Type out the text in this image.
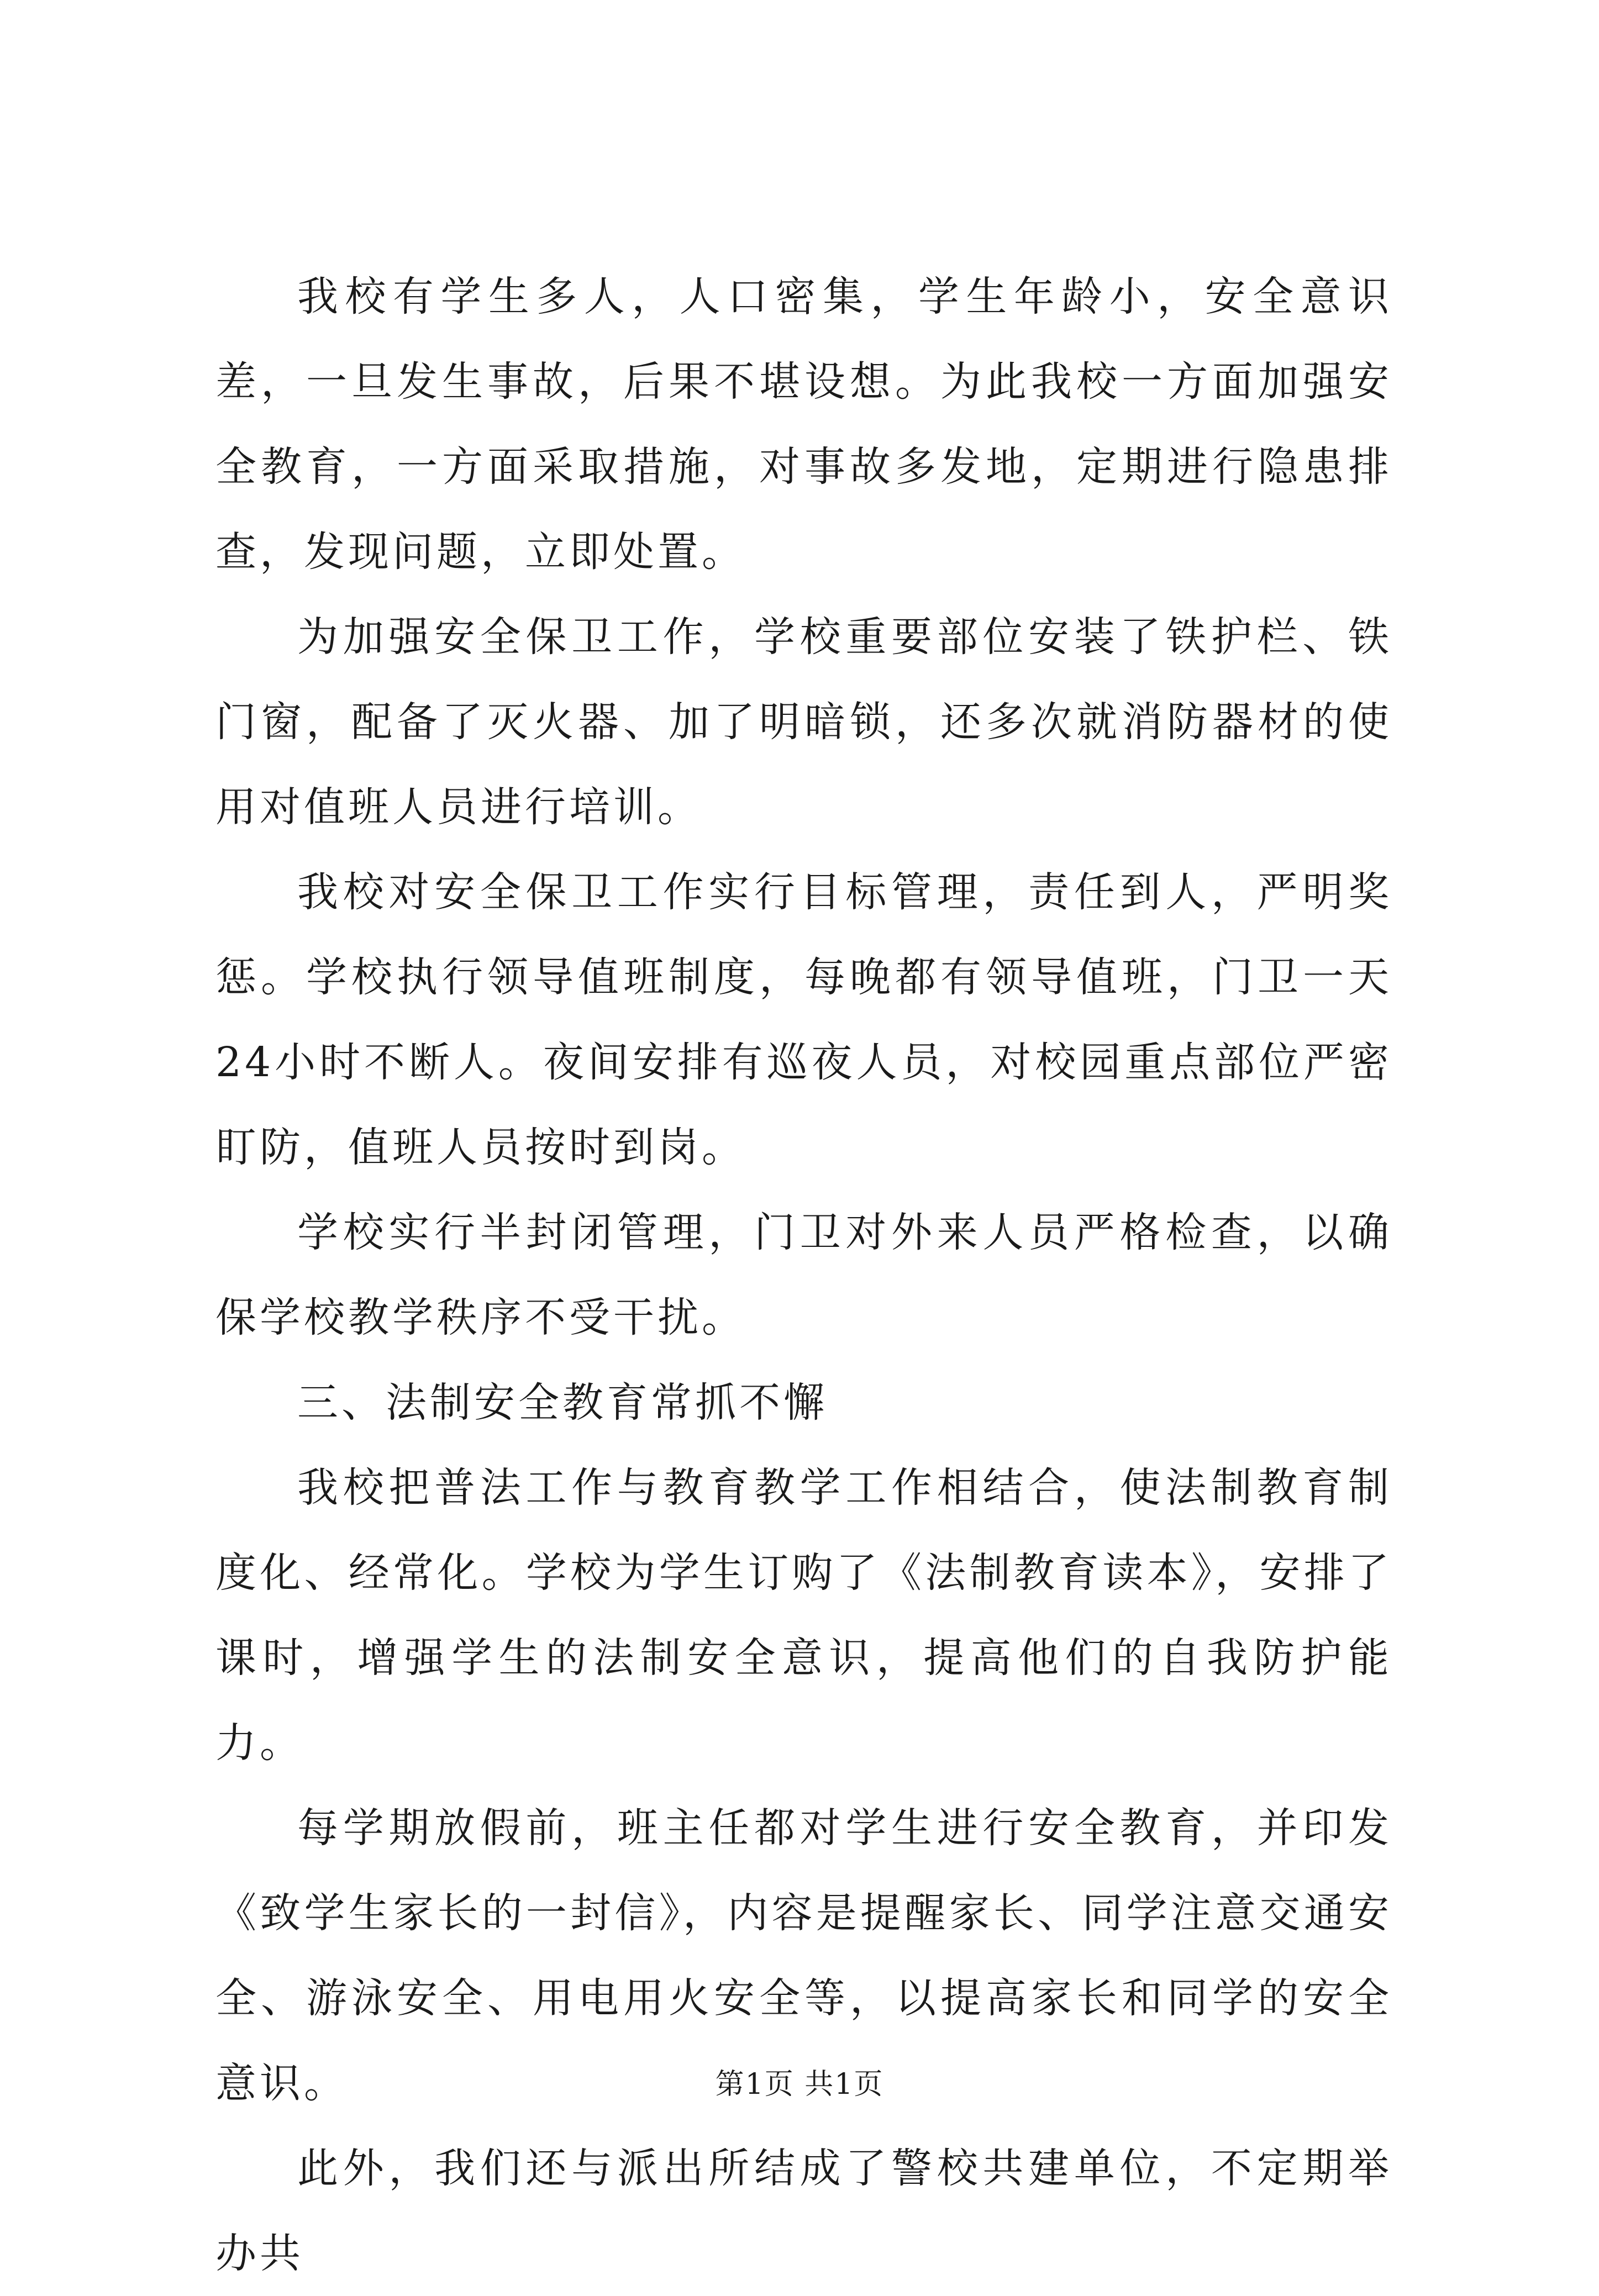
我校有学生多人，人口密集，学生年龄小，安全意识差，一旦发生事故，后果不堪设想。为此我校一方面加强安全教育，一方面采取措施，对事故多发地，定期进行隐患排查，发现问题，立即处置。

为加强安全保卫工作，学校重要部位安装了铁护栏、铁门窗，配备了灭火器、加了明暗锁，还多次就消防器材的使用对值班人员进行培训。

我校对安全保卫工作实行目标管理，责任到人，严明奖惩。学校执行领导值班制度，每晚都有领导值班，门卫一天24小时不断人。夜间安排有巡夜人员，对校园重点部位严密盯防，值班人员按时到岗。

学校实行半封闭管理，门卫对外来人员严格检查，以确保学校教学秩序不受干扰。

三、法制安全教育常抓不懈

我校把普法工作与教育教学工作相结合，使法制教育制度化、经常化。学校为学生订购了《法制教育读本》，安排了课时，增强学生的法制安全意识，提高他们的自我防护能力。

每学期放假前，班主任都对学生进行安全教育，并印发《致学生家长的一封信》，内容是提醒家长、同学注意交通安全、游泳安全、用电用火安全等，以提高家长和同学的安全意识。

此外，我们还与派出所结成了警校共建单位，不定期举办共

第1页 共1页
